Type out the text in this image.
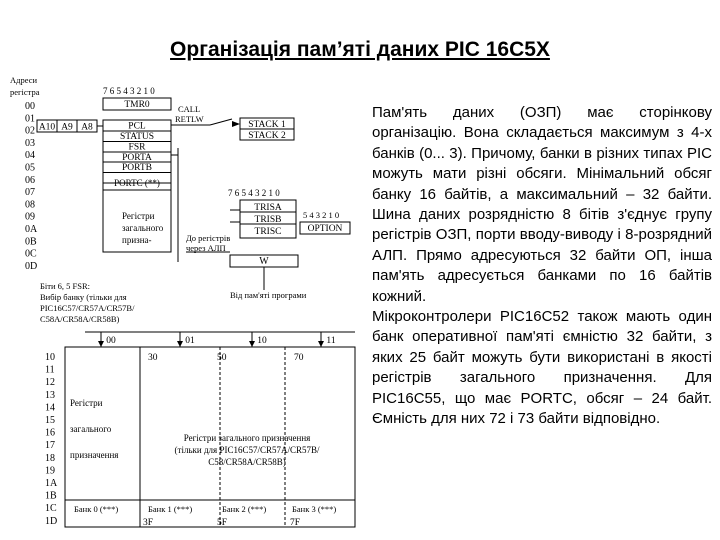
Організація пам’яті даних PIC 16C5X
00
01
02
03
04
05
06
07
08
09
0A
0B
0C
0D
10
11
12
13
14
15
16
17
18
19
1A
1B
1C
1D
Адреси
регістра	7 6 5 4 3 2 1 0
TMR0
PCL
STATUS
FSR
PORTA
PORTB
PORTC (**)
Регістри
загального
призна-
A10 A9 A8
CALL
RETLW
STACK 1
STACK 2
7 6 5 4 3 2 1 0
TRISA
TRISB
TRISC
5 4 3 2 1 0
OPTION
До регістрів
через АЛП
W
Від пам'яті програми
Біти 6, 5 FSR:
Вибір банку (тільки для
PIC16C57/CR57A/CR57B/
C58A/CR58A/CR58B)
00	01	10	11
30	50	70
3F	5F	7F
Регістри
загального
призначення
Регістри загального призначення
(тільки для PIC16C57/CR57A/CR57B/
C58/CR58A/CR58B)
Банк 0 (***)	Банк 1 (***)	Банк 2 (***)	Банк 3 (***)

Пам'ять даних (ОЗП) має сторінкову організацію. Вона складається максимум з 4-х банків (0... 3). Причому, банки в різних типах PIC можуть мати різні обсяги. Мінімальний обсяг банку 16 байтів, а максимальний – 32 байти. Шина даних розрядністю 8 бітів з'єднує групу регістрів ОЗП, порти вводу-виводу і 8-розрядний АЛП. Прямо адресуються 32 байти ОП, інша пам'ять адресується банками по 16 байтів кожний.

Мікроконтролери PIC16C52 також мають один банк оперативної пам'яті ємністю 32 байти, з яких 25 байт можуть бути використані в якості регістрів загального призначення. Для PIC16C55, що має PORTC, обсяг – 24 байт. Ємність для них 72 і 73 байти відповідно.
